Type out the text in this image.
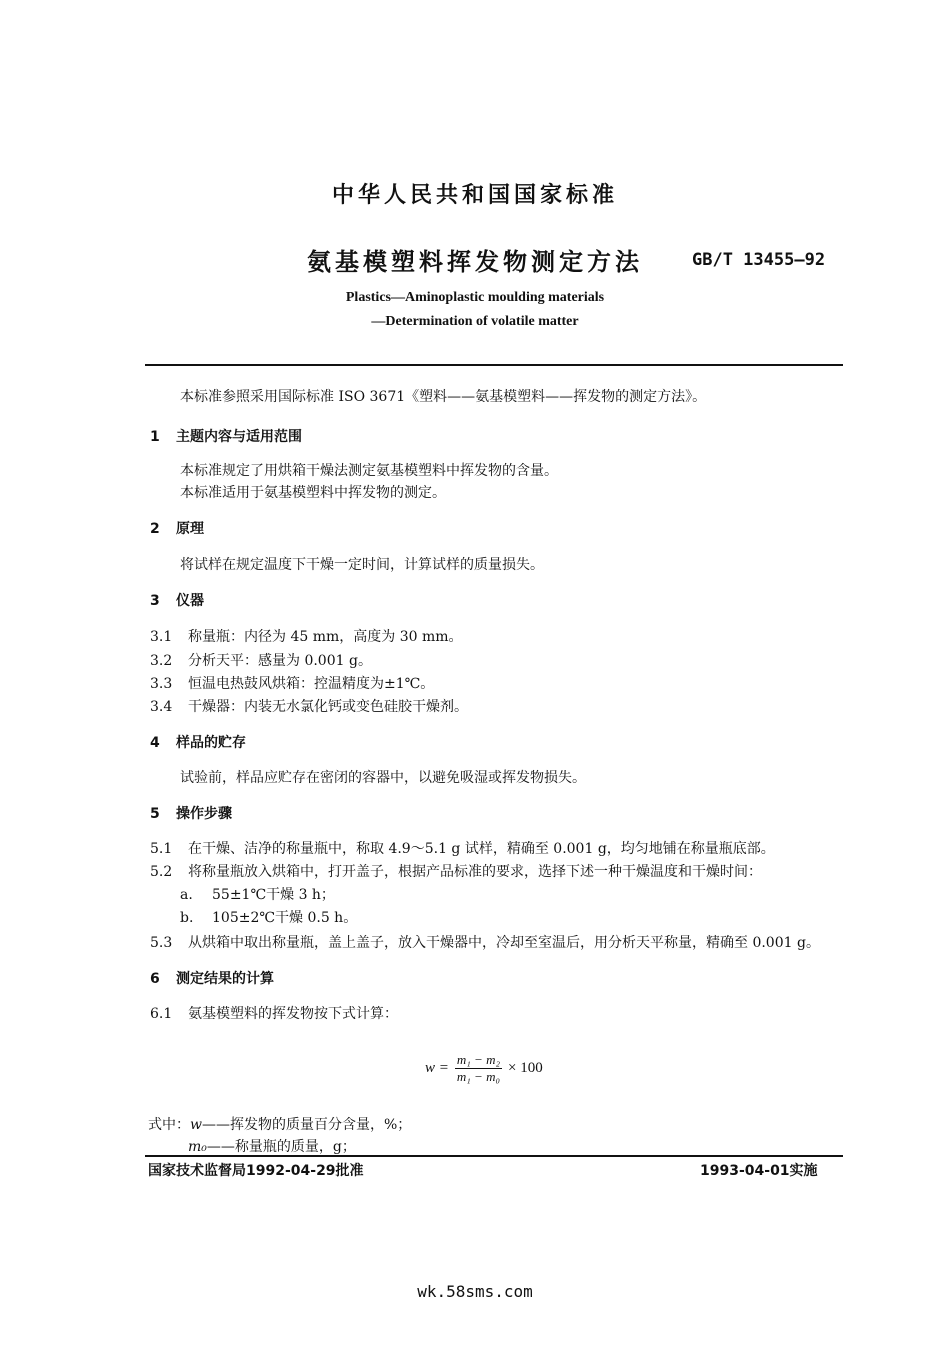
中华人民共和国国家标准
氨基模塑料挥发物测定方法	GB/T 13455—92
Plastics—Aminoplastic moulding materials
—Determination of volatile matter
本标准参照采用国际标准 ISO 3671《塑料——氨基模塑料——挥发物的测定方法》。
1 主题内容与适用范围
本标准规定了用烘箱干燥法测定氨基模塑料中挥发物的含量。
本标准适用于氨基模塑料中挥发物的测定。
2 原理
将试样在规定温度下干燥一定时间，计算试样的质量损失。
3 仪器
3.1 称量瓶：内径为 45 mm，高度为 30 mm。
3.2 分析天平：感量为 0.001 g。
3.3 恒温电热鼓风烘箱：控温精度为±1℃。
3.4 干燥器：内装无水氯化钙或变色硅胶干燥剂。
4 样品的贮存
试验前，样品应贮存在密闭的容器中，以避免吸湿或挥发物损失。
5 操作步骤
5.1 在干燥、洁净的称量瓶中，称取 4.9～5.1 g 试样，精确至 0.001 g，均匀地铺在称量瓶底部。
5.2 将称量瓶放入烘箱中，打开盖子，根据产品标准的要求，选择下述一种干燥温度和干燥时间：
a. 55±1℃干燥 3 h；
b. 105±2℃干燥 0.5 h。
5.3 从烘箱中取出称量瓶，盖上盖子，放入干燥器中，冷却至室温后，用分析天平称量，精确至 0.001 g。
6 测定结果的计算
6.1 氨基模塑料的挥发物按下式计算：
$w = \frac{\text{m₁ − m₂}}{\text{m₁ − m₀}} \times 100$
式中：w——挥发物的质量百分含量，%；
m₀——称量瓶的质量，g；
国家技术监督局1992-04-29批准	1993-04-01实施
wk.58sms.com
